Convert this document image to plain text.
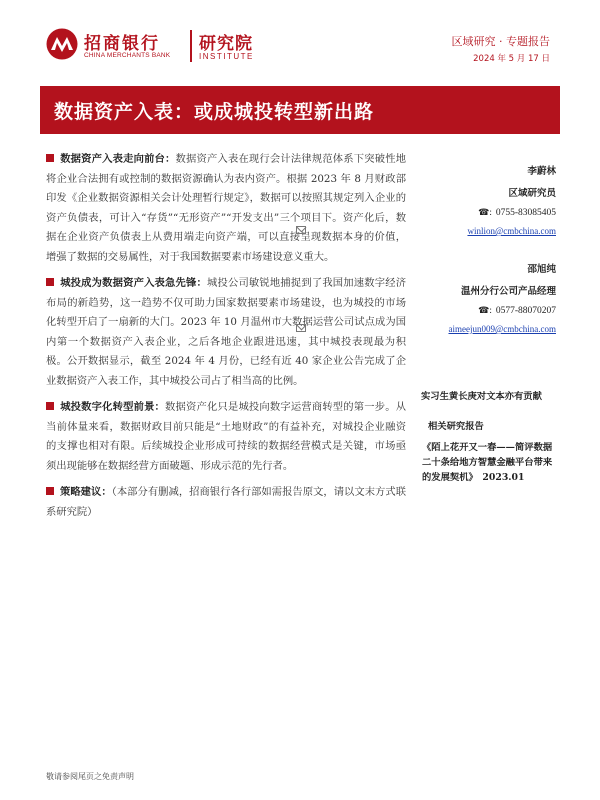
招商银行
CHINA MERCHANTS BANK
研究院
INSTITUTE
区域研究 · 专题报告
2024 年 5 月 17 日
数据资产入表：或成城投转型新出路

数据资产入表走向前台：数据资产入表在现行会计法律规范体系下突破性地将企业合法拥有或控制的数据资源确认为表内资产。根据 2023 年 8 月财政部印发《企业数据资源相关会计处理暂行规定》，数据可以按照其规定列入企业的资产负债表，可计入“存货”“无形资产”“开发支出”三个项目下。资产化后，数据在企业资产负债表上从费用端走向资产端，可以直接呈现数据本身的价值，增强了数据的交易属性，对于我国数据要素市场建设意义重大。

城投成为数据资产入表急先锋：城投公司敏锐地捕捉到了我国加速数字经济布局的新趋势，这一趋势不仅可助力国家数据要素市场建设，也为城投的市场化转型开启了一扇新的大门。2023 年 10 月温州市大数据运营公司试点成为国内第一个数据资产入表企业，之后各地企业跟进迅速，其中城投表现最为积极。公开数据显示，截至 2024 年 4 月份，已经有近 40 家企业公告完成了企业数据资产入表工作，其中城投公司占了相当高的比例。

城投数字化转型前景：数据资产化只是城投向数字运营商转型的第一步。从当前体量来看，数据财政目前只能是“土地财政”的有益补充，对城投企业融资的支撑也相对有限。后续城投企业形成可持续的数据经营模式是关键，市场亟须出现能够在数据经营方面破题、形成示范的先行者。

策略建议：（本部分有删减，招商银行各行部如需报告原文，请以文末方式联系研究院）

李蔚林
区域研究员
☎: 0755-83085405
winlion@cmbchina.com
邵旭纯
温州分行公司产品经理
☎: 0577-88070207
aimeejun009@cmbchina.com
实习生黄长庚对文本亦有贡献
相关研究报告
《陌上花开又一春——简评数据二十条给地方智慧金融平台带来的发展契机》　2023.01
敬请参阅尾页之免责声明
